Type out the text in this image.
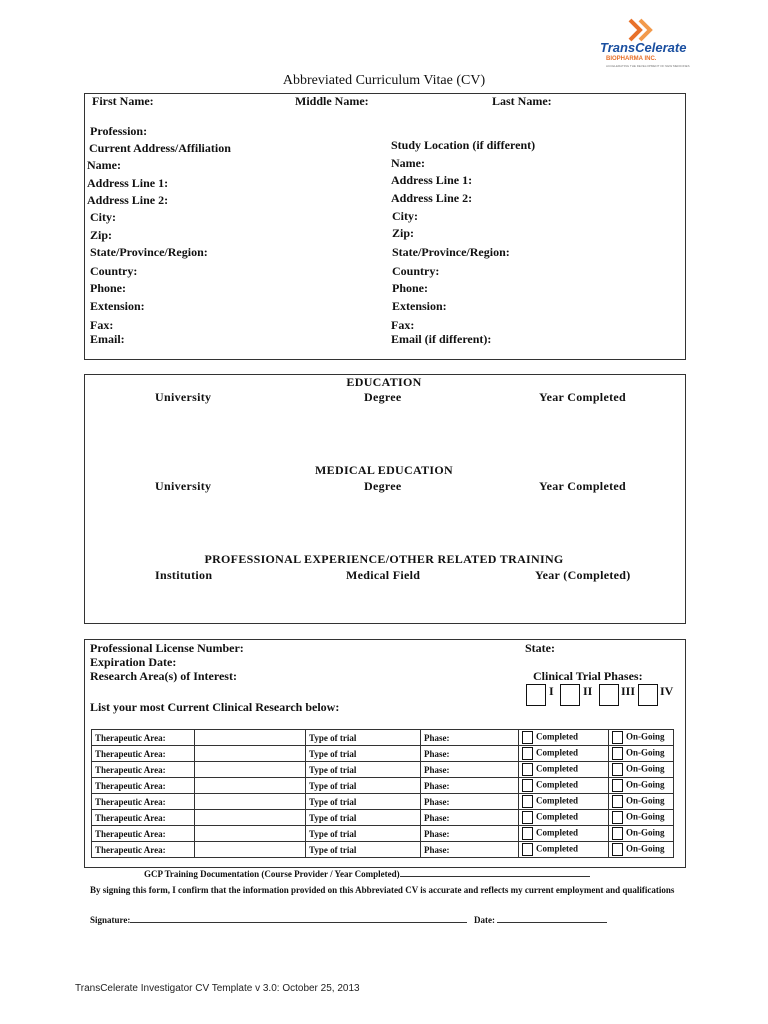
TransCelerate
BIOPHARMA INC.
ACCELERATING THE DEVELOPMENT OF NEW MEDICINES
Abbreviated Curriculum Vitae (CV)
First Name:	Middle Name:	Last Name:
Profession:
Current Address/Affiliation
Name:
Address Line 1:
Address Line 2:
City:
Zip:
State/Province/Region:
Country:
Phone:
Extension:
Fax:
Email:
Study Location (if different)
Name:
Address Line 1:
Address Line 2:
City:
Zip:
State/Province/Region:
Country:
Phone:
Extension:
Fax:
Email (if different):
EDUCATION
University	Degree	Year Completed
MEDICAL EDUCATION
University	Degree	Year Completed
PROFESSIONAL EXPERIENCE/OTHER RELATED TRAINING
Institution	Medical Field	Year (Completed)
Professional License Number:	State:
Expiration Date:
Research Area(s) of Interest:	Clinical Trial Phases:
I II III IV
List your most Current Clinical Research below:
Therapeutic Area:		Type of trial	Phase:	Completed	On-Going
Therapeutic Area:		Type of trial	Phase:	Completed	On-Going
Therapeutic Area:		Type of trial	Phase:	Completed	On-Going
Therapeutic Area:		Type of trial	Phase:	Completed	On-Going
Therapeutic Area:		Type of trial	Phase:	Completed	On-Going
Therapeutic Area:		Type of trial	Phase:	Completed	On-Going
Therapeutic Area:		Type of trial	Phase:	Completed	On-Going
Therapeutic Area:		Type of trial	Phase:	Completed	On-Going
GCP Training Documentation (Course Provider / Year Completed)
By signing this form, I confirm that the information provided on this Abbreviated CV is accurate and reflects my current employment and qualifications
Signature:	Date:
TransCelerate Investigator CV Template v 3.0: October 25, 2013
